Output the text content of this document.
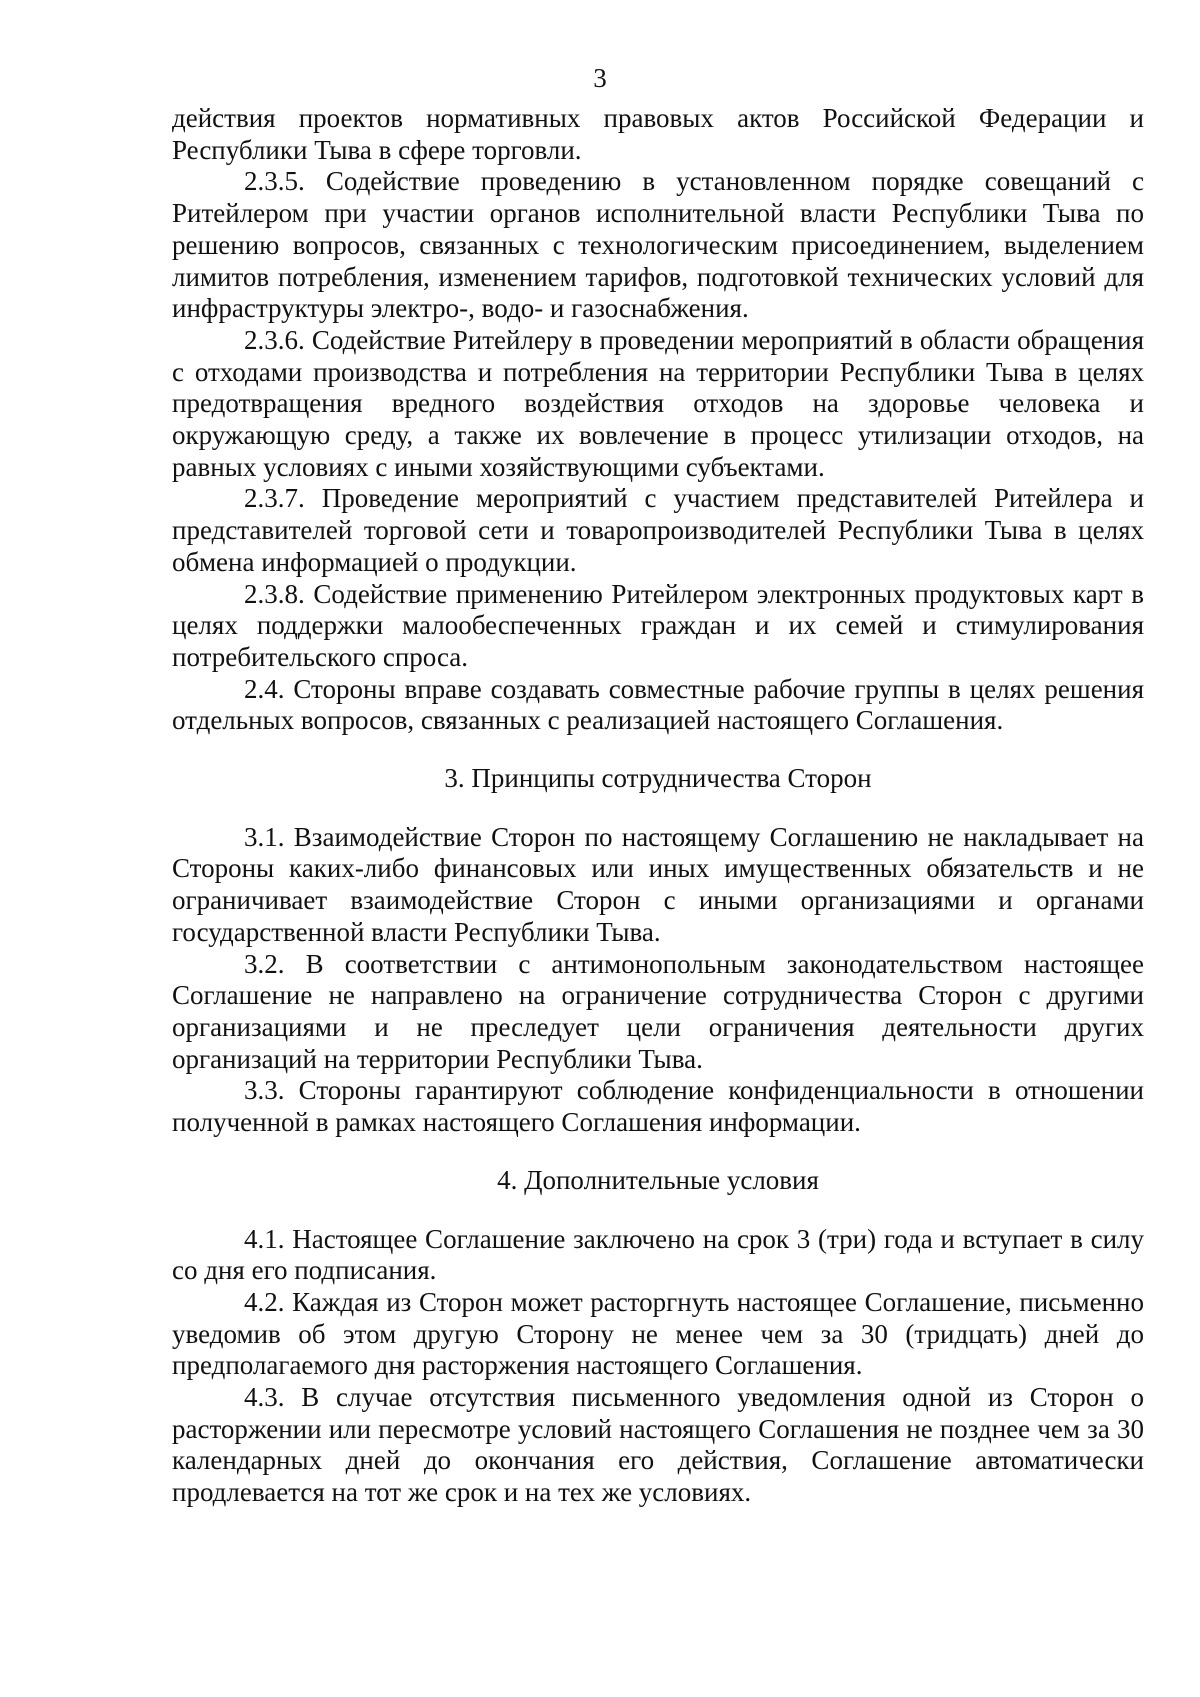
3

действия проектов нормативных правовых актов Российской Федерации и Республики Тыва в сфере торговли.

2.3.5. Содействие проведению в установленном порядке совещаний с Ритейлером при участии органов исполнительной власти Республики Тыва по решению вопросов, связанных с технологическим присоединением, выделением лимитов потребления, изменением тарифов, подготовкой технических условий для инфраструктуры электро-, водо- и газоснабжения.

2.3.6. Содействие Ритейлеру в проведении мероприятий в области обращения с отходами производства и потребления на территории Республики Тыва в целях предотвращения вредного воздействия отходов на здоровье человека и окружающую среду, а также их вовлечение в процесс утилизации отходов, на равных условиях с иными хозяйствующими субъектами.

2.3.7. Проведение мероприятий с участием представителей Ритейлера и представителей торговой сети и товаропроизводителей Республики Тыва в целях обмена информацией о продукции.

2.3.8. Содействие применению Ритейлером электронных продуктовых карт в целях поддержки малообеспеченных граждан и их семей и стимулирования потребительского спроса.

2.4. Стороны вправе создавать совместные рабочие группы в целях решения отдельных вопросов, связанных с реализацией настоящего Соглашения.

3. Принципы сотрудничества Сторон

3.1. Взаимодействие Сторон по настоящему Соглашению не накладывает на Стороны каких-либо финансовых или иных имущественных обязательств и не ограничивает взаимодействие Сторон с иными организациями и органами государственной власти Республики Тыва.

3.2. В соответствии с антимонопольным законодательством настоящее Соглашение не направлено на ограничение сотрудничества Сторон с другими организациями и не преследует цели ограничения деятельности других организаций на территории Республики Тыва.

3.3. Стороны гарантируют соблюдение конфиденциальности в отношении полученной в рамках настоящего Соглашения информации.

4. Дополнительные условия

4.1. Настоящее Соглашение заключено на срок 3 (три) года и вступает в силу со дня его подписания.

4.2. Каждая из Сторон может расторгнуть настоящее Соглашение, письменно уведомив об этом другую Сторону не менее чем за 30 (тридцать) дней до предполагаемого дня расторжения настоящего Соглашения.

4.3. В случае отсутствия письменного уведомления одной из Сторон о расторжении или пересмотре условий настоящего Соглашения не позднее чем за 30 календарных дней до окончания его действия, Соглашение автоматически продлевается на тот же срок и на тех же условиях.
